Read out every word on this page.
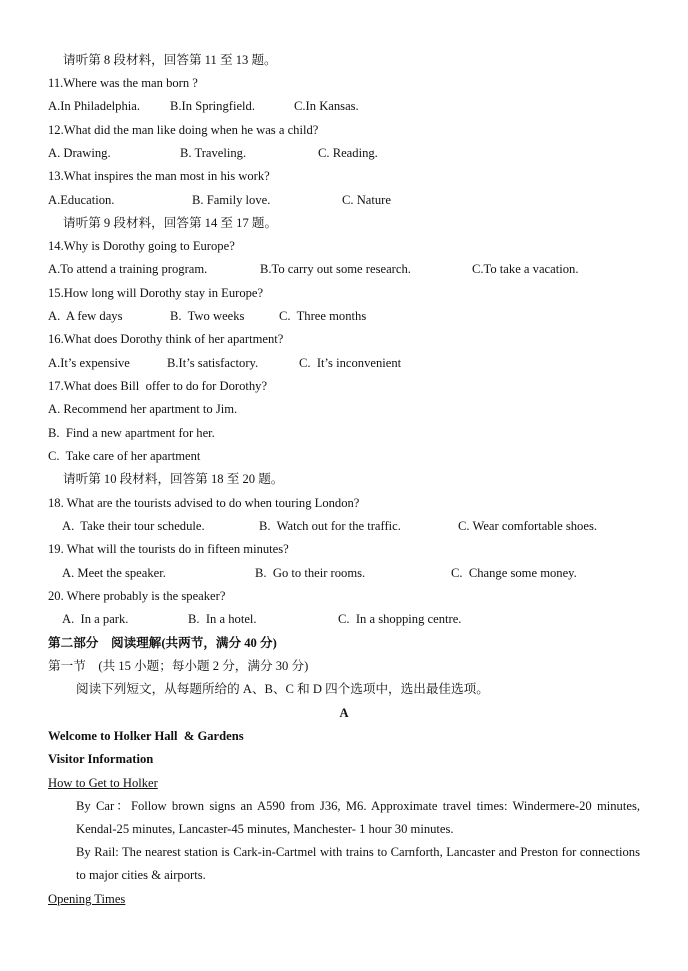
请听第 8 段材料，回答第 11 至 13 题。
11.Where was the man born ?
A.In Philadelphia. B.In Springfield.	C.In Kansas.
12.What did the man like doing when he was a child?
A. Drawing.	B. Traveling.	C. Reading.
13.What inspires the man most in his work?
A.Education.	B. Family love.	C. Nature
请听第 9 段材料，回答第 14 至 17 题。
14.Why is Dorothy going to Europe?
A.To attend a training program.	B.To carry out some research.	C.To take a vacation.
15.How long will Dorothy stay in Europe?
A.  A few days	B.  Two weeks	C.  Three months
16.What does Dorothy think of her apartment?
A.It’s expensive	B.It’s satisfactory.	C.  It’s inconvenient
17.What does Bill  offer to do for Dorothy?
A. Recommend her apartment to Jim.
B.  Find a new apartment for her.
C.  Take care of her apartment
请听第 10 段材料，回答第 18 至 20 题。
18. What are the tourists advised to do when touring London?
A.  Take their tour schedule.	B.  Watch out for the traffic.	C. Wear comfortable shoes.
19. What will the tourists do in fifteen minutes?
A. Meet the speaker.	B.  Go to their rooms.	C.  Change some money.
20. Where probably is the speaker?
A.  In a park.	B.  In a hotel.	C.  In a shopping centre.
第二部分    阅读理解(共两节，满分 40 分)
第一节    (共 15 小题；每小题 2 分，满分 30 分)
阅读下列短文，从每题所给的 A、B、C 和 D 四个选项中，选出最佳选项。
A
Welcome to Holker Hall  & Gardens
Visitor Information
How to Get to Holker
By Car：Follow brown signs an A590 from J36, M6. Approximate travel times: Windermere-20 minutes, Kendal-25 minutes, Lancaster-45 minutes, Manchester- 1 hour 30 minutes.
By Rail: The nearest station is Cark-in-Cartmel with trains to Carnforth, Lancaster and Preston for connections to major cities & airports.
Opening Times
